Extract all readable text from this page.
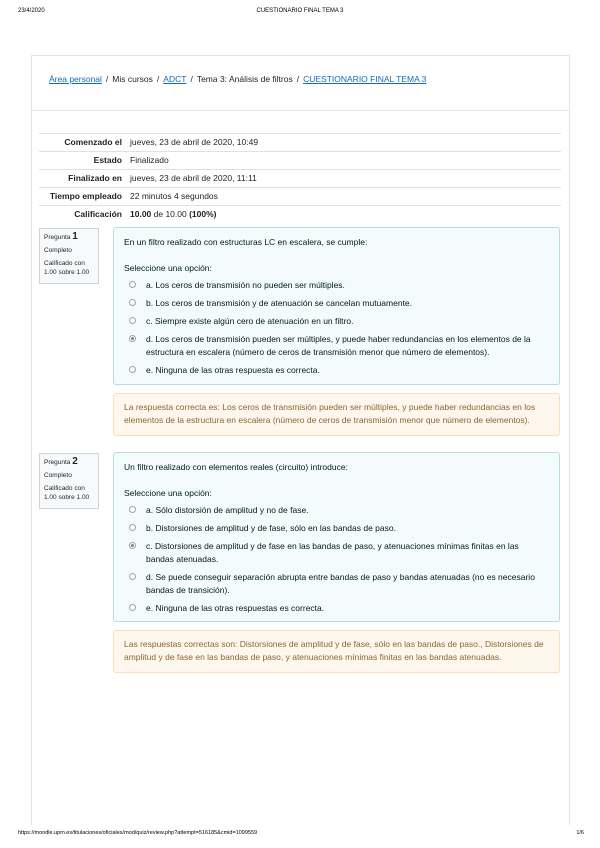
23/4/2020	CUESTIONARIO FINAL TEMA 3
Área personal / Mis cursos / ADCT / Tema 3: Análisis de filtros / CUESTIONARIO FINAL TEMA 3
Comenzado el	jueves, 23 de abril de 2020, 10:49
Estado	Finalizado
Finalizado en	jueves, 23 de abril de 2020, 11:11
Tiempo empleado	22 minutos 4 segundos
Calificación	10.00 de 10.00 (100%)
Pregunta 1
Completo
Calificado con 1.00 sobre 1.00
En un filtro realizado con estructuras LC en escalera, se cumple:
Seleccione una opción:
a. Los ceros de transmisión no pueden ser múltiples.
b. Los ceros de transmisión y de atenuación se cancelan mutuamente.
c. Siempre existe algún cero de atenuación en un filtro.
d. Los ceros de transmisión pueden ser múltiples, y puede haber redundancias en los elementos de la estructura en escalera (número de ceros de transmisión menor que número de elementos).
e. Ninguna de las otras respuesta es correcta.
La respuesta correcta es: Los ceros de transmisión pueden ser múltiples, y puede haber redundancias en los elementos de la estructura en escalera (número de ceros de transmisión menor que número de elementos).
Pregunta 2
Completo
Calificado con 1.00 sobre 1.00
Un filtro realizado con elementos reales (circuito) introduce:
Seleccione una opción:
a. Sólo distorsión de amplitud y no de fase.
b. Distorsiones de amplitud y de fase, sólo en las bandas de paso.
c. Distorsiones de amplitud y de fase en las bandas de paso, y atenuaciones mínimas finitas en las bandas atenuadas.
d. Se puede conseguir separación abrupta entre bandas de paso y bandas atenuadas (no es necesario bandas de transición).
e. Ninguna de las otras respuestas es correcta.
Las respuestas correctas son: Distorsiones de amplitud y de fase, sólo en las bandas de paso., Distorsiones de amplitud y de fase en las bandas de paso, y atenuaciones mínimas finitas en las bandas atenuadas.
https://moodle.upm.es/titulaciones/oficiales/mod/quiz/review.php?attempt=516185&cmid=1099559	1/6
